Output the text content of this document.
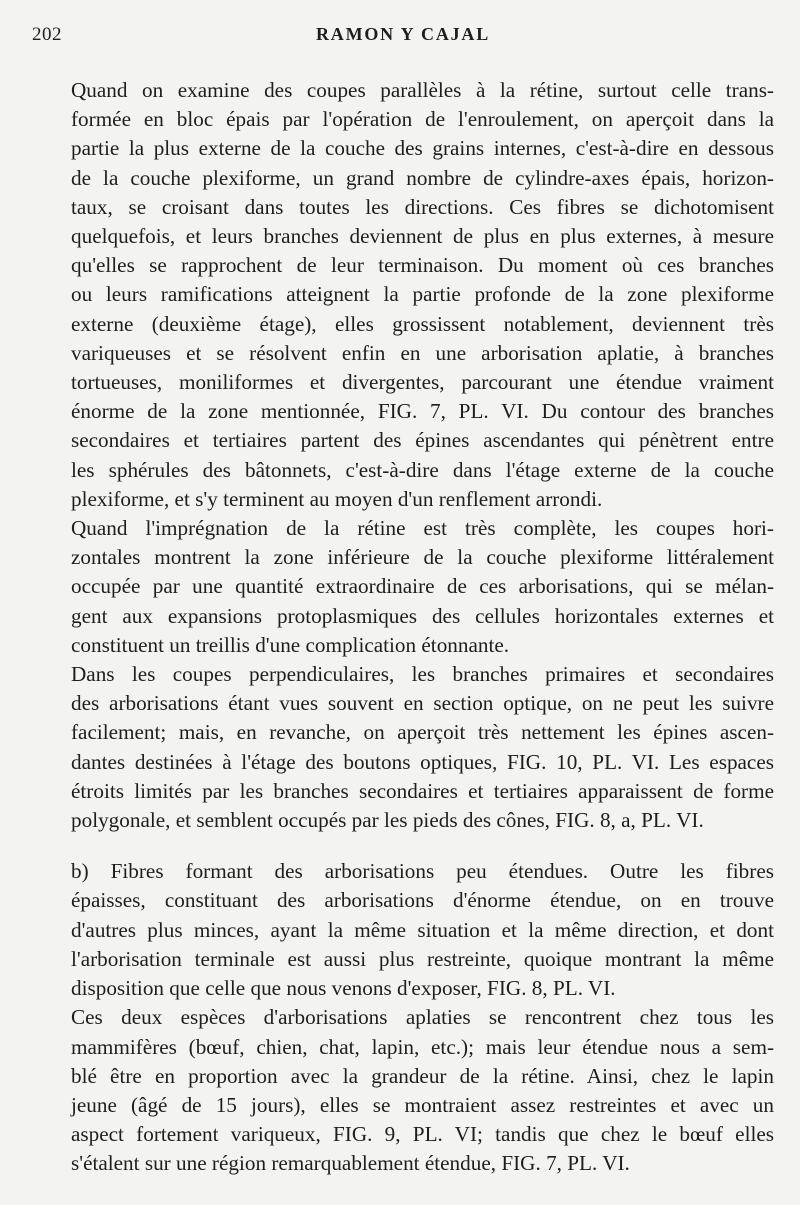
202	RAMON Y CAJAL

Quand on examine des coupes parallèles à la rétine, surtout celle trans-
formée en bloc épais par l'opération de l'enroulement, on aperçoit dans la
partie la plus externe de la couche des grains internes, c'est-à-dire en dessous
de la couche plexiforme, un grand nombre de cylindre-axes épais, horizon-
taux, se croisant dans toutes les directions. Ces fibres se dichotomisent
quelquefois, et leurs branches deviennent de plus en plus externes, à mesure
qu'elles se rapprochent de leur terminaison. Du moment où ces branches
ou leurs ramifications atteignent la partie profonde de la zone plexiforme
externe (deuxième étage), elles grossissent notablement, deviennent très
variqueuses et se résolvent enfin en une arborisation aplatie, à branches
tortueuses, moniliformes et divergentes, parcourant une étendue vraiment
énorme de la zone mentionnée, FIG. 7, PL. VI. Du contour des branches
secondaires et tertiaires partent des épines ascendantes qui pénètrent entre
les sphérules des bâtonnets, c'est-à-dire dans l'étage externe de la couche
plexiforme, et s'y terminent au moyen d'un renflement arrondi.

Quand l'imprégnation de la rétine est très complète, les coupes hori-
zontales montrent la zone inférieure de la couche plexiforme littéralement
occupée par une quantité extraordinaire de ces arborisations, qui se mélan-
gent aux expansions protoplasmiques des cellules horizontales externes et
constituent un treillis d'une complication étonnante.

Dans les coupes perpendiculaires, les branches primaires et secondaires
des arborisations étant vues souvent en section optique, on ne peut les suivre
facilement; mais, en revanche, on aperçoit très nettement les épines ascen-
dantes destinées à l'étage des boutons optiques, FIG. 10, PL. VI. Les espaces
étroits limités par les branches secondaires et tertiaires apparaissent de forme
polygonale, et semblent occupés par les pieds des cônes, FIG. 8, a, PL. VI.

b) Fibres formant des arborisations peu étendues. Outre les fibres
épaisses, constituant des arborisations d'énorme étendue, on en trouve
d'autres plus minces, ayant la même situation et la même direction, et dont
l'arborisation terminale est aussi plus restreinte, quoique montrant la même
disposition que celle que nous venons d'exposer, FIG. 8, PL. VI.

Ces deux espèces d'arborisations aplaties se rencontrent chez tous les
mammifères (bœuf, chien, chat, lapin, etc.); mais leur étendue nous a sem-
blé être en proportion avec la grandeur de la rétine. Ainsi, chez le lapin
jeune (âgé de 15 jours), elles se montraient assez restreintes et avec un
aspect fortement variqueux, FIG. 9, PL. VI; tandis que chez le bœuf elles
s'étalent sur une région remarquablement étendue, FIG. 7, PL. VI.
